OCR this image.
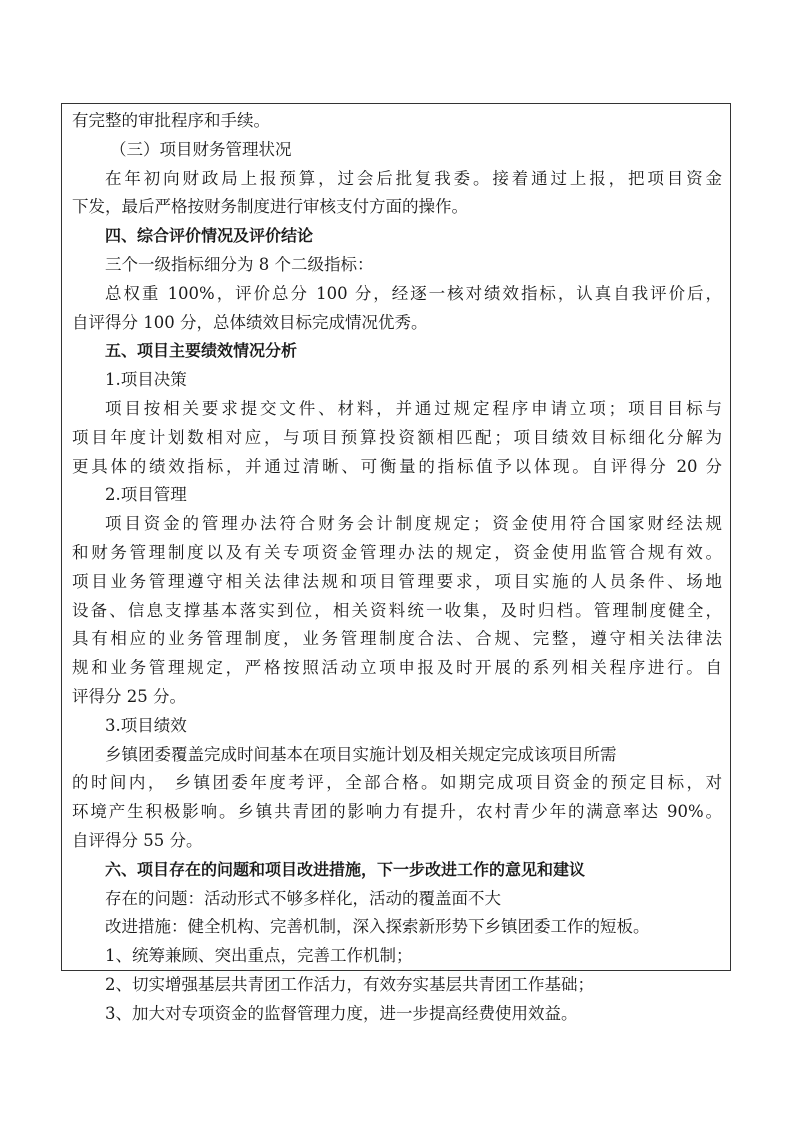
有完整的审批程序和手续。
（三）项目财务管理状况
在年初向财政局上报预算，过会后批复我委。接着通过上报，把项目资金
下发，最后严格按财务制度进行审核支付方面的操作。
四、综合评价情况及评价结论
三个一级指标细分为 8 个二级指标：
总权重 100%，评价总分 100 分，经逐一核对绩效指标，认真自我评价后，
自评得分 100 分，总体绩效目标完成情况优秀。
五、项目主要绩效情况分析
1.项目决策
项目按相关要求提交文件、材料，并通过规定程序申请立项；项目目标与
项目年度计划数相对应，与项目预算投资额相匹配；项目绩效目标细化分解为
更具体的绩效指标，并通过清晰、可衡量的指标值予以体现。自评得分 20 分
2.项目管理
项目资金的管理办法符合财务会计制度规定；资金使用符合国家财经法规
和财务管理制度以及有关专项资金管理办法的规定，资金使用监管合规有效。
项目业务管理遵守相关法律法规和项目管理要求，项目实施的人员条件、场地
设备、信息支撑基本落实到位，相关资料统一收集，及时归档。管理制度健全，
具有相应的业务管理制度，业务管理制度合法、合规、完整，遵守相关法律法
规和业务管理规定，严格按照活动立项申报及时开展的系列相关程序进行。自
评得分 25 分。
3.项目绩效
乡镇团委覆盖完成时间基本在项目实施计划及相关规定完成该项目所需
的时间内， 乡镇团委年度考评，全部合格。如期完成项目资金的预定目标，对
环境产生积极影响。乡镇共青团的影响力有提升，农村青少年的满意率达 90%。
自评得分 55 分。
六、项目存在的问题和项目改进措施，下一步改进工作的意见和建议
存在的问题：活动形式不够多样化，活动的覆盖面不大
改进措施：健全机构、完善机制，深入探索新形势下乡镇团委工作的短板。
1、统筹兼顾、突出重点，完善工作机制；
2、切实增强基层共青团工作活力，有效夯实基层共青团工作基础；
3、加大对专项资金的监督管理力度，进一步提高经费使用效益。
